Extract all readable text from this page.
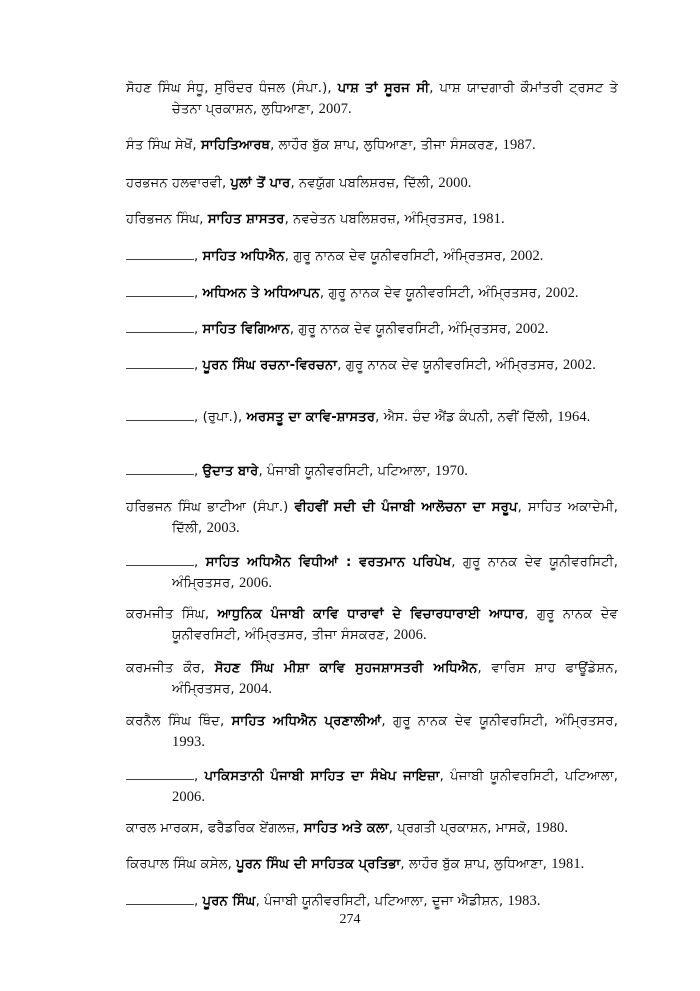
ਸੋਹਣ ਸਿੰਘ ਸੰਧੂ, ਸੁਰਿੰਦਰ ਧੰਜਲ (ਸੰਪਾ.), ਪਾਸ਼ ਤਾਂ ਸੂਰਜ ਸੀ, ਪਾਸ਼ ਯਾਦਗਾਰੀ ਕੌਮਾਂਤਰੀ ਟ੍ਰਸਟ ਤੇ ਚੇਤਨਾ ਪ੍ਰਕਾਸ਼ਨ, ਲੁਧਿਆਣਾ, 2007.
ਸੰਤ ਸਿੰਘ ਸੇਖੋਂ, ਸਾਹਿਤਿਆਰਥ, ਲਾਹੌਰ ਬੁੱਕ ਸ਼ਾਪ, ਲੁਧਿਆਣਾ, ਤੀਜਾ ਸੰਸਕਰਣ, 1987.
ਹਰਭਜਨ ਹਲਵਾਰਵੀ, ਪੁਲਾਂ ਤੋਂ ਪਾਰ, ਨਵਯੁੱਗ ਪਬਲਿਸ਼ਰਜ਼, ਦਿੱਲੀ, 2000.
ਹਰਿਭਜਨ ਸਿੰਘ, ਸਾਹਿਤ ਸ਼ਾਸਤਰ, ਨਵਚੇਤਨ ਪਬਲਿਸ਼ਰਜ਼, ਅੰਮ੍ਰਿਤਸਰ, 1981.
, ਸਾਹਿਤ ਅਧਿਐਨ, ਗੁਰੂ ਨਾਨਕ ਦੇਵ ਯੂਨੀਵਰਸਿਟੀ, ਅੰਮ੍ਰਿਤਸਰ, 2002.
, ਅਧਿਅਨ ਤੇ ਅਧਿਆਪਨ, ਗੁਰੂ ਨਾਨਕ ਦੇਵ ਯੂਨੀਵਰਸਿਟੀ, ਅੰਮ੍ਰਿਤਸਰ, 2002.
, ਸਾਹਿਤ ਵਿਗਿਆਨ, ਗੁਰੂ ਨਾਨਕ ਦੇਵ ਯੂਨੀਵਰਸਿਟੀ, ਅੰਮ੍ਰਿਤਸਰ, 2002.
, ਪੂਰਨ ਸਿੰਘ ਰਚਨਾ-ਵਿਰਚਨਾ, ਗੁਰੂ ਨਾਨਕ ਦੇਵ ਯੂਨੀਵਰਸਿਟੀ, ਅੰਮ੍ਰਿਤਸਰ, 2002.
, (ਰੁਪਾ.), ਅਰਸਤੂ ਦਾ ਕਾਵਿ-ਸ਼ਾਸਤਰ, ਐਸ. ਚੰਦ ਐਂਡ ਕੰਪਨੀ, ਨਵੀਂ ਦਿੱਲੀ, 1964.
, ਉਦਾਤ ਬਾਰੇ, ਪੰਜਾਬੀ ਯੂਨੀਵਰਸਿਟੀ, ਪਟਿਆਲਾ, 1970.
ਹਰਿਭਜਨ ਸਿੰਘ ਭਾਟੀਆ (ਸੰਪਾ.) ਵੀਹਵੀਂ ਸਦੀ ਦੀ ਪੰਜਾਬੀ ਆਲੋਚਨਾ ਦਾ ਸਰੂਪ, ਸਾਹਿਤ ਅਕਾਦੇਮੀ, ਦਿੱਲੀ, 2003.
, ਸਾਹਿਤ ਅਧਿਐਨ ਵਿਧੀਆਂ : ਵਰਤਮਾਨ ਪਰਿਪੇਖ, ਗੁਰੂ ਨਾਨਕ ਦੇਵ ਯੂਨੀਵਰਸਿਟੀ, ਅੰਮ੍ਰਿਤਸਰ, 2006.
ਕਰਮਜੀਤ ਸਿੰਘ, ਆਧੁਨਿਕ ਪੰਜਾਬੀ ਕਾਵਿ ਧਾਰਾਵਾਂ ਦੇ ਵਿਚਾਰਧਾਰਾਈ ਆਧਾਰ, ਗੁਰੂ ਨਾਨਕ ਦੇਵ ਯੂਨੀਵਰਸਿਟੀ, ਅੰਮ੍ਰਿਤਸਰ, ਤੀਜਾ ਸੰਸਕਰਣ, 2006.
ਕਰਮਜੀਤ ਕੌਰ, ਸੋਹਣ ਸਿੰਘ ਮੀਸ਼ਾ ਕਾਵਿ ਸੁਹਜਸ਼ਾਸਤਰੀ ਅਧਿਐਨ, ਵਾਰਿਸ ਸ਼ਾਹ ਫਾਊਂਡੇਸ਼ਨ, ਅੰਮ੍ਰਿਤਸਰ, 2004.
ਕਰਨੈਲ ਸਿੰਘ ਥਿੰਦ, ਸਾਹਿਤ ਅਧਿਐਨ ਪ੍ਰਣਾਲੀਆਂ, ਗੁਰੂ ਨਾਨਕ ਦੇਵ ਯੂਨੀਵਰਸਿਟੀ, ਅੰਮ੍ਰਿਤਸਰ, 1993.
, ਪਾਕਿਸਤਾਨੀ ਪੰਜਾਬੀ ਸਾਹਿਤ ਦਾ ਸੰਖੇਪ ਜਾਇਜ਼ਾ, ਪੰਜਾਬੀ ਯੂਨੀਵਰਸਿਟੀ, ਪਟਿਆਲਾ, 2006.
ਕਾਰਲ ਮਾਰਕਸ, ਫਰੈਡਰਿਕ ਏਂਗਲਜ਼, ਸਾਹਿਤ ਅਤੇ ਕਲਾ, ਪ੍ਰਗਤੀ ਪ੍ਰਕਾਸ਼ਨ, ਮਾਸਕੋ, 1980.
ਕਿਰਪਾਲ ਸਿੰਘ ਕਸੇਲ, ਪੂਰਨ ਸਿੰਘ ਦੀ ਸਾਹਿਤਕ ਪ੍ਰਤਿਭਾ, ਲਾਹੌਰ ਬੁੱਕ ਸ਼ਾਪ, ਲੁਧਿਆਣਾ, 1981.
, ਪੂਰਨ ਸਿੰਘ, ਪੰਜਾਬੀ ਯੂਨੀਵਰਸਿਟੀ, ਪਟਿਆਲਾ, ਦੂਜਾ ਐਡੀਸ਼ਨ, 1983.
274
